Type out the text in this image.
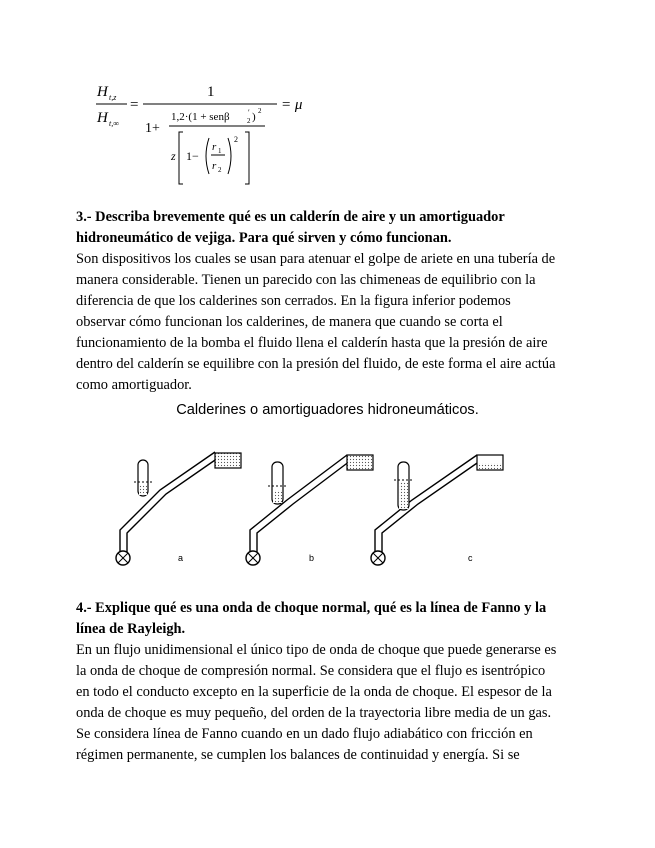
H t,z
H t,∞
=
1
= μ
1+
1,2·(1 + senβ 2
′ ) 2
z 1−
r 1
r 2
2
3.- Describa brevemente qué es un calderín de aire y un amortiguador
hidroneumático de vejiga. Para qué sirven y cómo funcionan.
Son dispositivos los cuales se usan para atenuar el golpe de ariete en una tubería de
manera considerable. Tienen un parecido con las chimeneas de equilibrio con la
diferencia de que los calderines son cerrados. En la figura inferior podemos
observar cómo funcionan los calderines, de manera que cuando se corta el
funcionamiento de la bomba el fluido llena el calderín hasta que la presión de aire
dentro del calderín se equilibre con la presión del fluido, de este forma el aire actúa
como amortiguador.
Calderines o amortiguadores hidroneumáticos.
a	b	c
4.- Explique qué es una onda de choque normal, qué es la línea de Fanno y la
línea de Rayleigh.
En un flujo unidimensional el único tipo de onda de choque que puede generarse es
la onda de choque de compresión normal. Se considera que el flujo es isentrópico
en todo el conducto excepto en la superficie de la onda de choque. El espesor de la
onda de choque es muy pequeño, del orden de la trayectoria libre media de un gas.
Se considera línea de Fanno cuando en un dado flujo adiabático con fricción en
régimen permanente, se cumplen los balances de continuidad y energía. Si se
